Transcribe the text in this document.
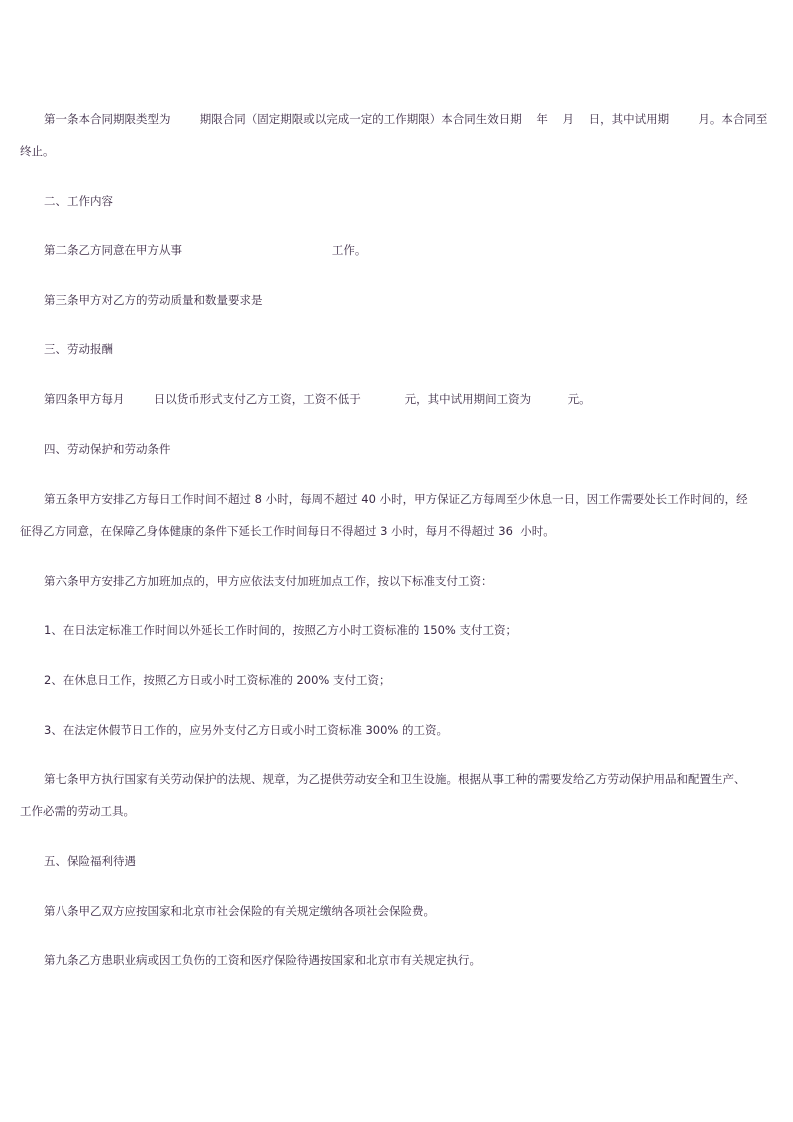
第一条本合同期限类型为        期限合同（固定期限或以完成一定的工作期限）本合同生效日期    年    月    日，其中试用期        月。本合同至

终止。

二、工作内容

第二条乙方同意在甲方从事                                         工作。

第三条甲方对乙方的劳动质量和数量要求是

三、劳动报酬

第四条甲方每月        日以货币形式支付乙方工资，工资不低于            元，其中试用期间工资为          元。

四、劳动保护和劳动条件

第五条甲方安排乙方每日工作时间不超过 8 小时，每周不超过 40 小时，甲方保证乙方每周至少休息一日，因工作需要处长工作时间的，经

征得乙方同意，在保障乙身体健康的条件下延长工作时间每日不得超过 3 小时，每月不得超过 36  小时。

第六条甲方安排乙方加班加点的，甲方应依法支付加班加点工作，按以下标准支付工资：

1、在日法定标准工作时间以外延长工作时间的，按照乙方小时工资标准的 150% 支付工资；

2、在休息日工作，按照乙方日或小时工资标准的 200% 支付工资；

3、在法定休假节日工作的，应另外支付乙方日或小时工资标准 300% 的工资。

第七条甲方执行国家有关劳动保护的法规、规章，为乙提供劳动安全和卫生设施。根据从事工种的需要发给乙方劳动保护用品和配置生产、

工作必需的劳动工具。

五、保险福利待遇

第八条甲乙双方应按国家和北京市社会保险的有关规定缴纳各项社会保险费。

第九条乙方患职业病或因工负伤的工资和医疗保险待遇按国家和北京市有关规定执行。
